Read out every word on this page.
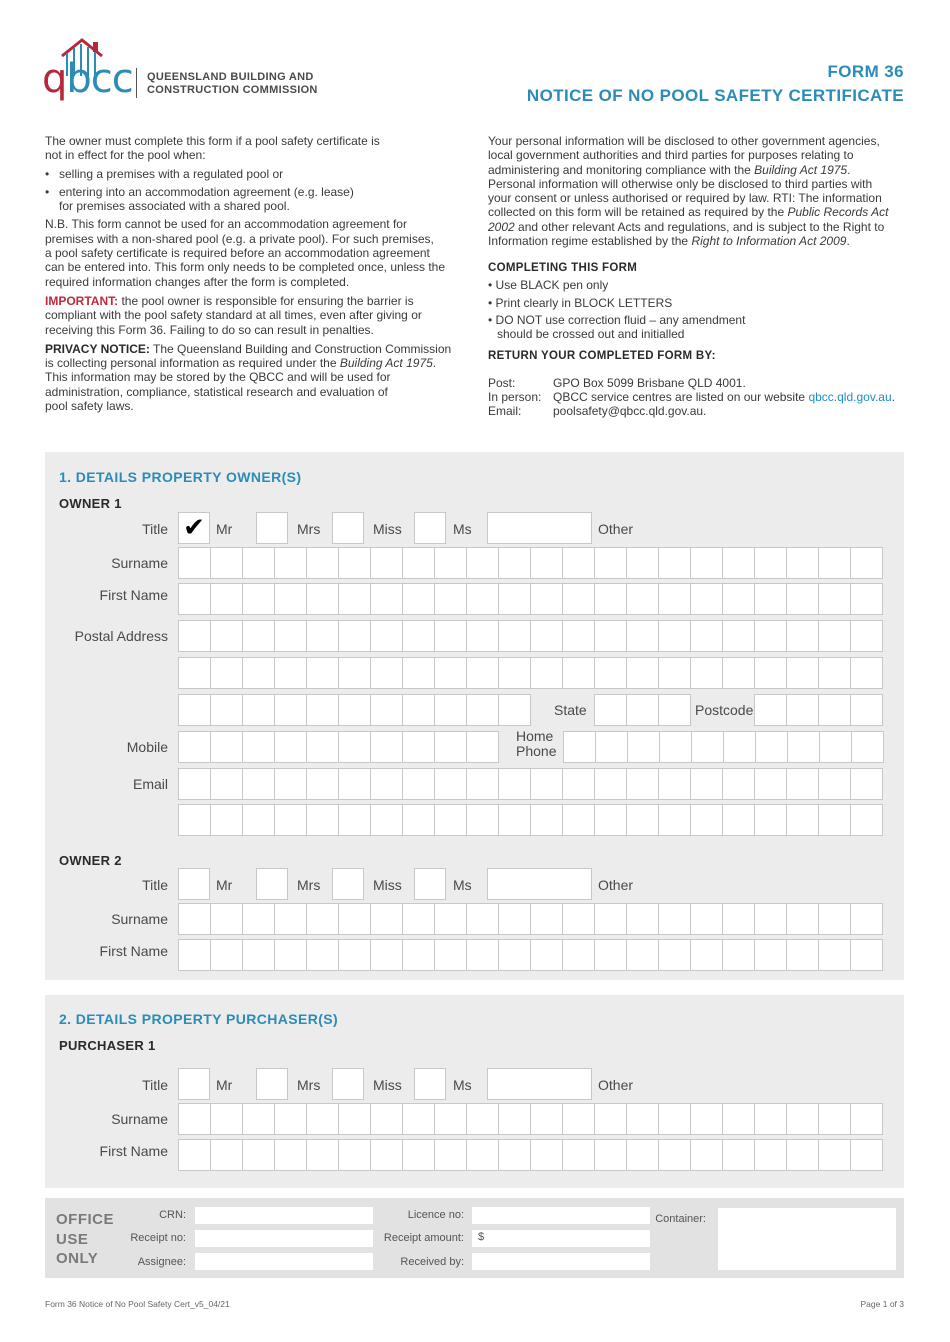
qbcc QUEENSLAND BUILDING AND
CONSTRUCTION COMMISSION
FORM 36
NOTICE OF NO POOL SAFETY CERTIFICATE
The owner must complete this form if a pool safety certificate is
not in effect for the pool when:
• selling a premises with a regulated pool or
• entering into an accommodation agreement (e.g. lease)
for premises associated with a shared pool.
N.B. This form cannot be used for an accommodation agreement for
premises with a non-shared pool (e.g. a private pool). For such premises,
a pool safety certificate is required before an accommodation agreement
can be entered into. This form only needs to be completed once, unless the
required information changes after the form is completed.
IMPORTANT: the pool owner is responsible for ensuring the barrier is
compliant with the pool safety standard at all times, even after giving or
receiving this Form 36. Failing to do so can result in penalties.
PRIVACY NOTICE: The Queensland Building and Construction Commission
is collecting personal information as required under the Building Act 1975.
This information may be stored by the QBCC and will be used for
administration, compliance, statistical research and evaluation of
pool safety laws.
Your personal information will be disclosed to other government agencies,
local government authorities and third parties for purposes relating to
administering and monitoring compliance with the Building Act 1975.
Personal information will otherwise only be disclosed to third parties with
your consent or unless authorised or required by law. RTI: The information
collected on this form will be retained as required by the Public Records Act
2002 and other relevant Acts and regulations, and is subject to the Right to
Information regime established by the Right to Information Act 2009.
COMPLETING THIS FORM
• Use BLACK pen only
• Print clearly in BLOCK LETTERS
• DO NOT use correction fluid – any amendment
should be crossed out and initialled
RETURN YOUR COMPLETED FORM BY:
Post:	GPO Box 5099 Brisbane QLD 4001.
In person: QBCC service centres are listed on our website qbcc.qld.gov.au.
Email:	poolsafety@qbcc.qld.gov.au.
1. DETAILS PROPERTY OWNER(S)
OWNER 1
Title ✔ Mr	Mrs	Miss	Ms	Other
Surname
First Name
Postal Address
State	Postcode
Mobile
Home
Phone
Email
OWNER 2
Title	Mr	Mrs	Miss	Ms	Other
Surname
First Name
2. DETAILS PROPERTY PURCHASER(S)
PURCHASER 1
Title	Mr	Mrs	Miss	Ms	Other
Surname
First Name
OFFICE
USE
ONLY
CRN:
Receipt no:
Assignee:
Licence no:
Receipt amount: $
Received by:
Container:
Form 36 Notice of No Pool Safety Cert_v5_04/21	Page 1 of 3
